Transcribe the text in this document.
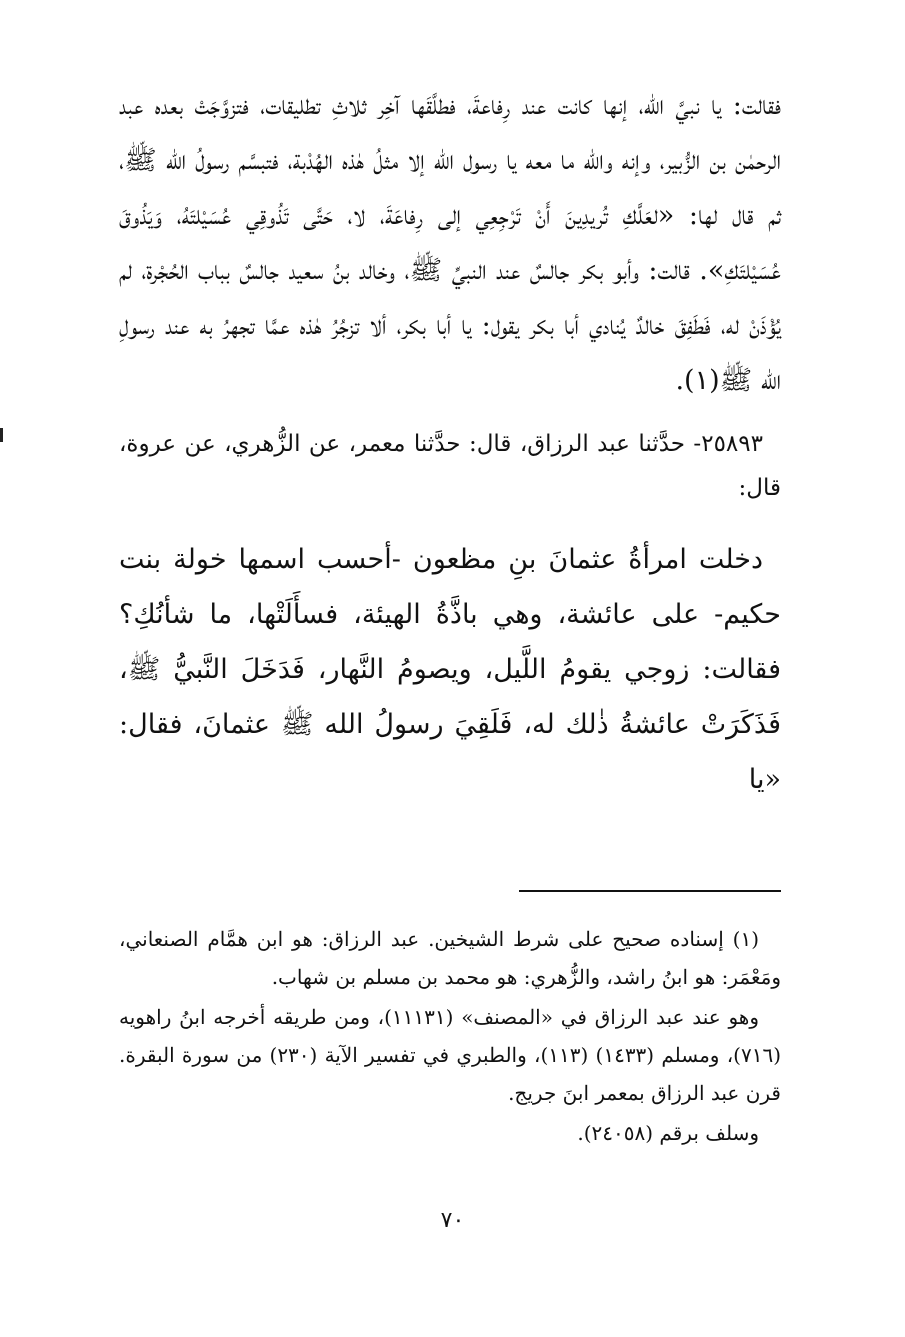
فقالت: يا نبيَّ الله، إنها كانت عند رِفاعةَ، فطلَّقَها آخِر ثلاثِ تطليقات، فتزوَّجَتْ بعده عبد الرحمٰن بن الزُّبير، وإنه والله ما معه يا رسول الله إلا مثلُ هٰذه الهُدْبة، فتبسَّم رسولُ الله ﷺ، ثم قال لها: «لعَلَّكِ تُريدِينَ أَنْ تَرْجِعِي إلى رِفاعَةَ، لا، حَتَّى تَذُوقِي عُسَيْلتَهُ، وَيَذُوقَ عُسَيْلتَكِ». قالت: وأبو بكر جالسٌ عند النبيِّ ﷺ، وخالد بنُ سعيد جالسٌ بباب الحُجْرة، لم يُؤْذَنْ له، فَطَفِقَ خالدٌ يُنادي أبا بكر يقول: يا أبا بكر، ألا تزجُرُ هٰذه عمَّا تجهرُ به عند رسولِ الله ﷺ(١).

٢٥٨٩٣- حدَّثنا عبد الرزاق، قال: حدَّثنا معمر، عن الزُّهري، عن عروة، قال:

دخلت امرأةُ عثمانَ بنِ مظعون -أحسب اسمها خولة بنت حكيم- على عائشة، وهي باذَّةُ الهيئة، فسأَلَتْها، ما شأنُكِ؟ فقالت: زوجي يقومُ اللَّيل، ويصومُ النَّهار، فَدَخَلَ النَّبيُّ ﷺ، فَذَكَرَتْ عائشةُ ذٰلك له، فَلَقِيَ رسولُ الله ﷺ عثمانَ، فقال: «يا

(١) إسناده صحيح على شرط الشيخين. عبد الرزاق: هو ابن همَّام الصنعاني، ومَعْمَر: هو ابنُ راشد، والزُّهري: هو محمد بن مسلم بن شهاب.

وهو عند عبد الرزاق في «المصنف» (١١١٣١)، ومن طريقه أخرجه ابنُ راهويه (٧١٦)، ومسلم (١٤٣٣) (١١٣)، والطبري في تفسير الآية (٢٣٠) من سورة البقرة. قرن عبد الرزاق بمعمر ابنَ جريج.

وسلف برقم (٢٤٠٥٨).

٧٠
